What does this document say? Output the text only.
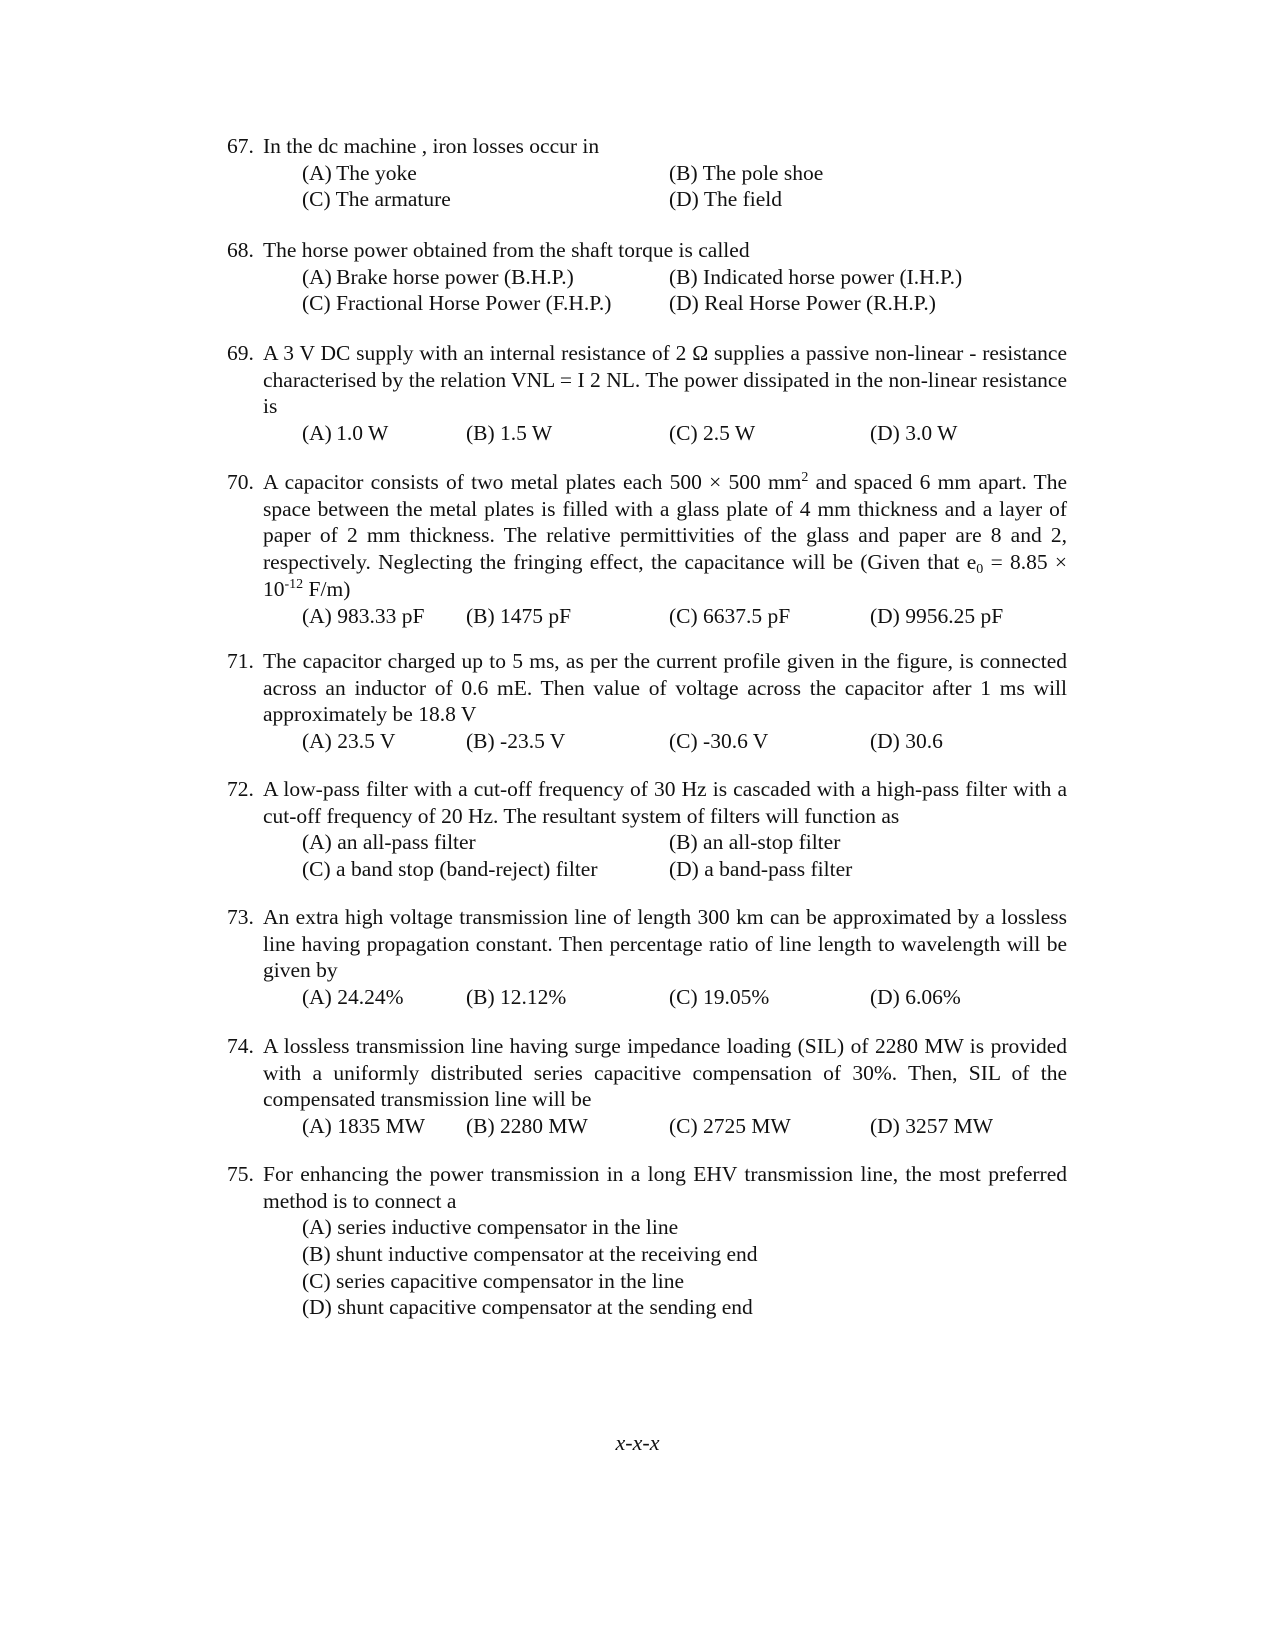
67. In the dc machine , iron losses occur in
(A) The yoke	(B) The pole shoe
(C) The armature	(D) The field
68. The horse power obtained from the shaft torque is called
(A) Brake horse power (B.H.P.)	(B) Indicated horse power (I.H.P.)
(C) Fractional Horse Power (F.H.P.)	(D) Real Horse Power (R.H.P.)
69. A 3 V DC supply with an internal resistance of 2 Ω supplies a passive non-linear - resistance characterised by the relation VNL = I 2 NL. The power dissipated in the non-linear resistance is
(A) 1.0 W	(B) 1.5 W	(C) 2.5 W	(D) 3.0 W
70. A capacitor consists of two metal plates each 500 × 500 $mm^2$ and spaced 6 mm apart. The space between the metal plates is filled with a glass plate of 4 mm thickness and a layer of paper of 2 mm thickness. The relative permittivities of the glass and paper are 8 and 2, respectively. Neglecting the fringing effect, the capacitance will be (Given that $e_0 = 8.85 \times 10^{-12}$ F/m)
(A) 983.33 pF (B) 1475 pF	(C) 6637.5 pF	(D) 9956.25 pF
71. The capacitor charged up to 5 ms, as per the current profile given in the figure, is connected across an inductor of 0.6 mE. Then value of voltage across the capacitor after 1 ms will approximately be 18.8 V
(A) 23.5 V	(B) -23.5 V	(C) -30.6 V	(D) 30.6
72. A low-pass filter with a cut-off frequency of 30 Hz is cascaded with a high-pass filter with a cut-off frequency of 20 Hz. The resultant system of filters will function as
(A) an all-pass filter	(B) an all-stop filter
(C) a band stop (band-reject) filter	(D) a band-pass filter
73. An extra high voltage transmission line of length 300 km can be approximated by a lossless line having propagation constant. Then percentage ratio of line length to wavelength will be given by
(A) 24.24%	(B) 12.12%	(C) 19.05%	(D) 6.06%
74. A lossless transmission line having surge impedance loading (SIL) of 2280 MW is provided with a uniformly distributed series capacitive compensation of 30%. Then, SIL of the compensated transmission line will be
(A) 1835 MW (B) 2280 MW	(C) 2725 MW	(D) 3257 MW
75. For enhancing the power transmission in a long EHV transmission line, the most preferred method is to connect a
(A) series inductive compensator in the line
(B) shunt inductive compensator at the receiving end
(C) series capacitive compensator in the line
(D) shunt capacitive compensator at the sending end
x-x-x
